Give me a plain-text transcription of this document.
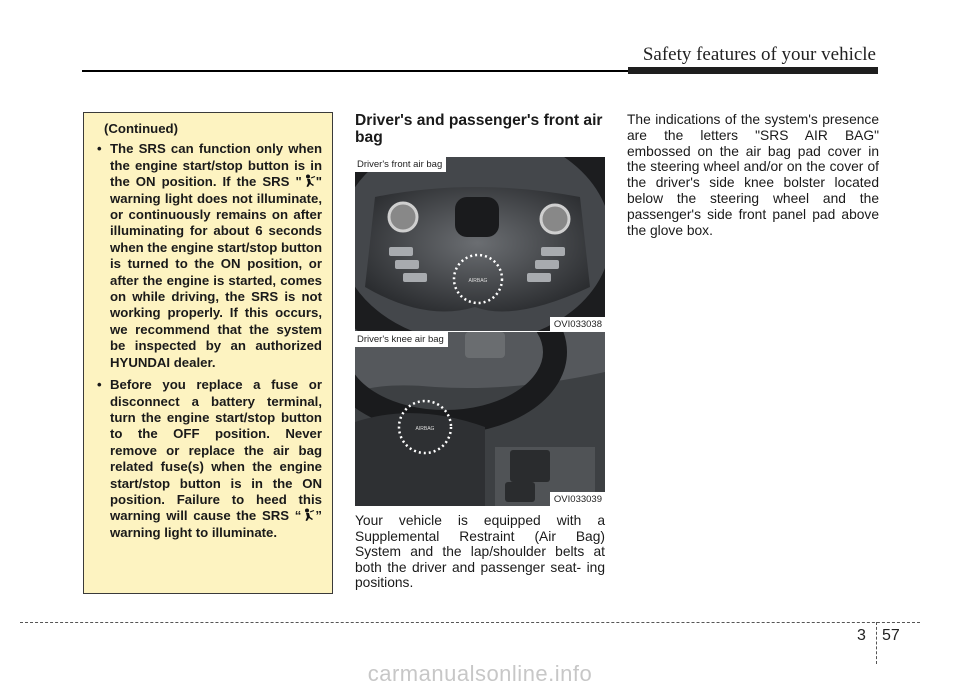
Safety features of your vehicle
(Continued)
• The SRS can function only when the engine start/stop button is in the ON position. If the SRS " " warning light does not illuminate, or continuously remains on after illuminating for about 6 seconds when the engine start/stop button is turned to the ON position, or after the engine is started, comes on while driving, the SRS is not working properly. If this occurs, we recommend that the system be inspected by an authorized HYUNDAI dealer.
• Before you replace a fuse or disconnect a battery terminal, turn the engine start/stop button to the OFF position. Never remove or replace the air bag related fuse(s) when the engine start/stop button is in the ON position. Failure to heed this warning will cause the SRS “ ” warning light to illuminate.
Driver's and passenger's front air bag
AIRBAG
Driver's front air bag
OVI033038
AIRBAG
Driver's knee air bag
OVI033039
Your vehicle is equipped with a Supplemental Restraint (Air Bag) System and the lap/shoulder belts at both the driver and passenger seat- ing positions.
The indications of the system's presence are the letters "SRS AIR BAG" embossed on the air bag pad cover in the steering wheel and/or on the cover of the driver's side knee bolster located below the steering wheel and the passenger's side front panel pad above the glove box.
3 57
carmanualsonline.info
